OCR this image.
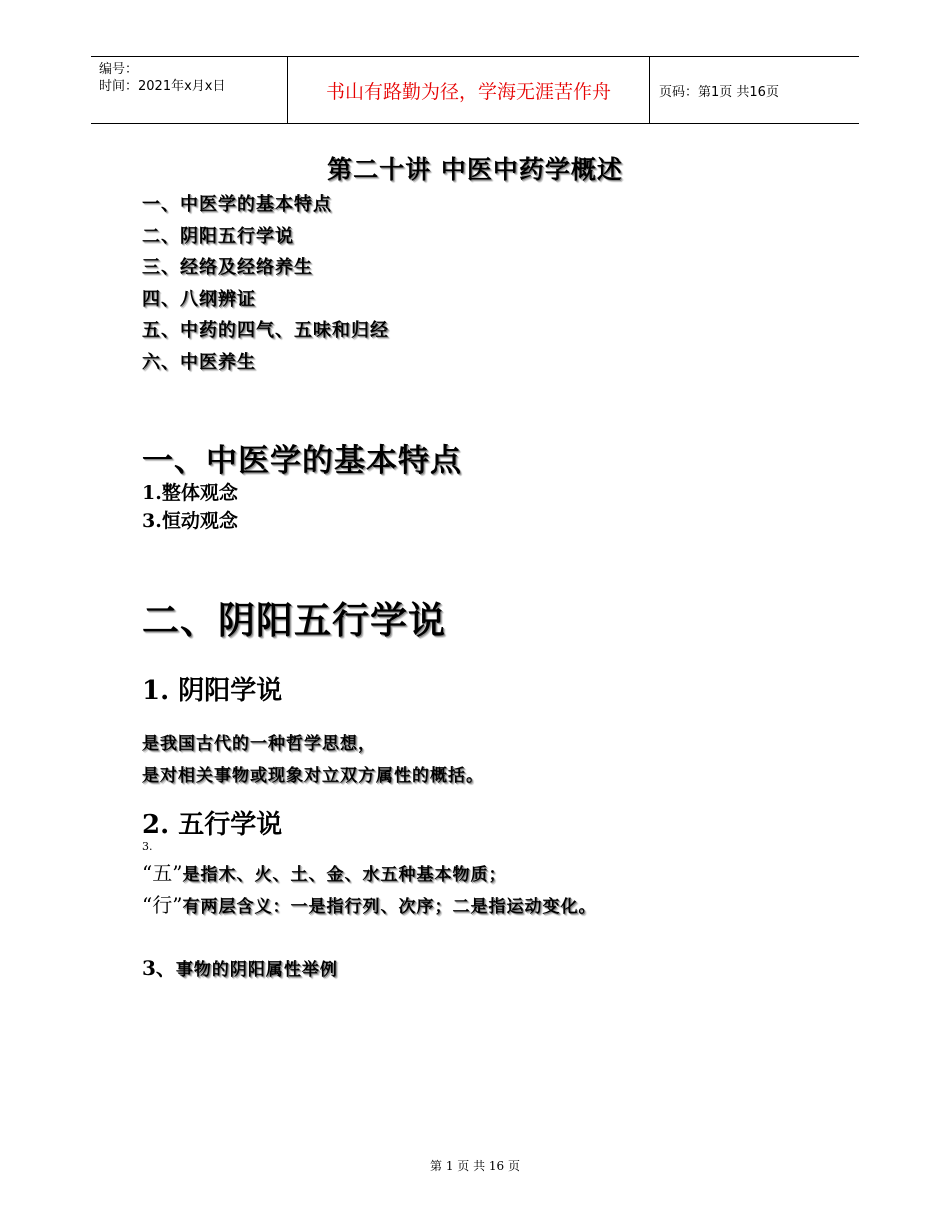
编号：
时间：2021年x月x日	书山有路勤为径，学海无涯苦作舟	页码：第1页 共16页
第二十讲 中医中药学概述
一、中医学的基本特点
二、阴阳五行学说
三、经络及经络养生
四、八纲辨证
五、中药的四气、五味和归经
六、中医养生
一、中医学的基本特点
1.整体观念
3.恒动观念
二、阴阳五行学说
1. 阴阳学说
是我国古代的一种哲学思想，
是对相关事物或现象对立双方属性的概括。
2. 五行学说
3.
“五”是指木、火、土、金、水五种基本物质；
“行”有两层含义：一是指行列、次序；二是指运动变化。
3、事物的阴阳属性举例
第 1 页 共 16 页
